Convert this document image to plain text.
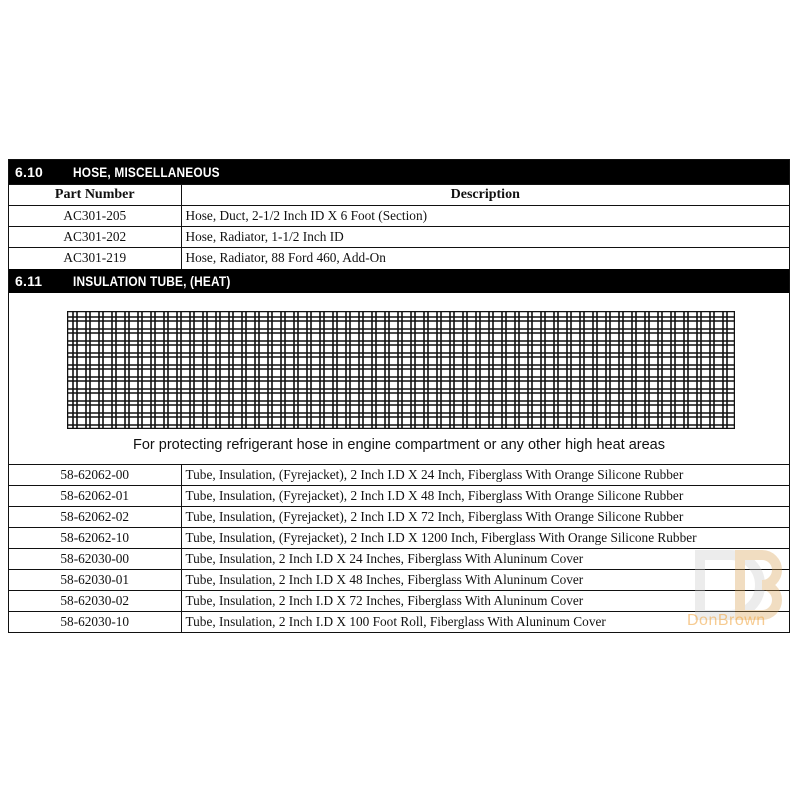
6.10	HOSE, MISCELLANEOUS
Part Number	Description
AC301-205	Hose, Duct, 2-1/2 Inch ID X 6 Foot (Section)
AC301-202	Hose, Radiator, 1-1/2 Inch ID
AC301-219	Hose, Radiator, 88 Ford 460, Add-On
6.11	INSULATION TUBE, (HEAT)
For protecting refrigerant hose in engine compartment or any other high heat areas
58-62062-00	Tube, Insulation, (Fyrejacket), 2 Inch I.D X 24 Inch, Fiberglass With Orange Silicone Rubber
58-62062-01	Tube, Insulation, (Fyrejacket), 2 Inch I.D X 48 Inch, Fiberglass With Orange Silicone Rubber
58-62062-02	Tube, Insulation, (Fyrejacket), 2 Inch I.D X 72 Inch, Fiberglass With Orange Silicone Rubber
58-62062-10	Tube, Insulation, (Fyrejacket), 2 Inch I.D X 1200 Inch, Fiberglass With Orange Silicone Rubber
58-62030-00	Tube, Insulation, 2 Inch I.D X 24 Inches, Fiberglass With Aluninum Cover
58-62030-01	Tube, Insulation, 2 Inch I.D X 48 Inches, Fiberglass With Aluninum Cover
58-62030-02	Tube, Insulation, 2 Inch I.D X 72 Inches, Fiberglass With Aluninum Cover
58-62030-10	Tube, Insulation, 2 Inch I.D X 100 Foot Roll, Fiberglass With Aluninum Cover	DonBrown
